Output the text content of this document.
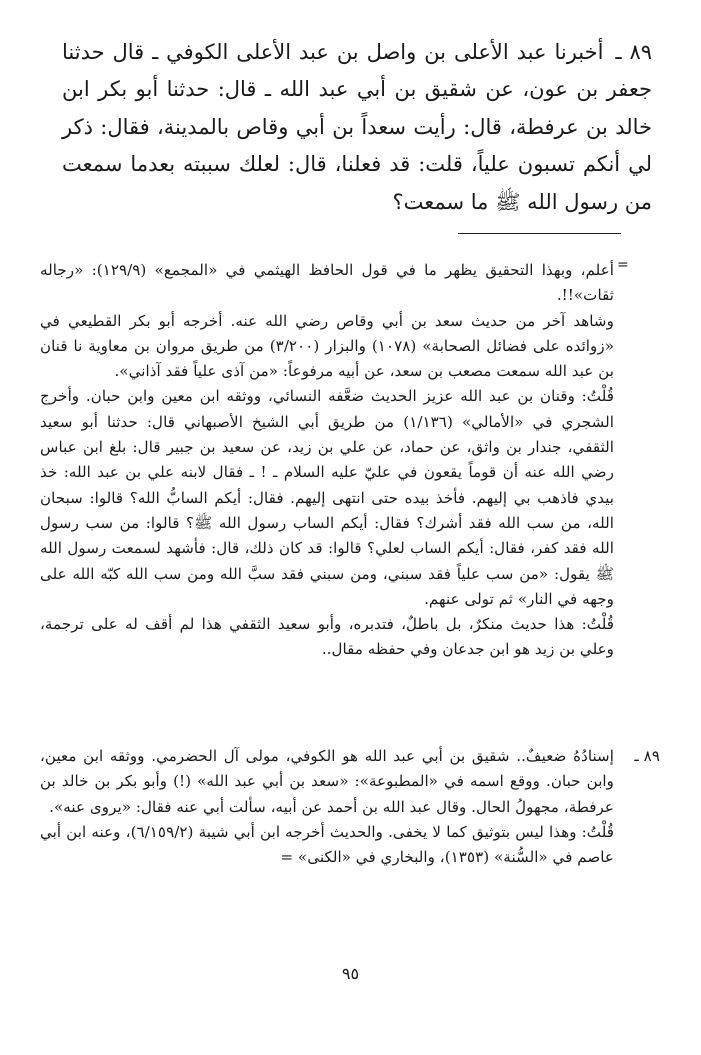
٨٩ ـ أخبرنا عبد الأعلى بن واصل بن عبد الأعلى الكوفي ـ قال حدثنا جعفر بن عون، عن شقيق بن أبي عبد الله ـ قال: حدثنا أبو بكر ابن خالد بن عرفطة، قال: رأيت سعداً بن أبي وقاص بالمدينة، فقال: ذكر لي أنكم تسبون علياً، قلت: قد فعلنا، قال: لعلك سببته بعدما سمعت من رسول الله ﷺ ما سمعت؟

=

أعلم، وبهذا التحقيق يظهر ما في قول الحافظ الهيثمي في «المجمع» (١٢٩/٩): «رجاله ثقات»!!.

وشاهد آخر من حديث سعد بن أبي وقاص رضي الله عنه. أخرجه أبو بكر القطيعي في «زوائده على فضائل الصحابة» (١٠٧٨) والبزار (٣/٢٠٠) من طريق مروان بن معاوية نا قنان بن عبد الله سمعت مصعب بن سعد، عن أبيه مرفوعاً: «من آذى علياً فقد آذاني».

قُلْتُ: وقنان بن عبد الله عزيز الحديث ضعَّفه النسائي، ووثقه ابن معين وابن حبان. وأخرج الشجري في «الأمالي» (١/١٣٦) من طريق أبي الشيخ الأصبهاني قال: حدثنا أبو سعيد الثقفي، جندار بن واثق، عن حماد، عن علي بن زيد، عن سعيد بن جبير قال: بلغ ابن عباس رضي الله عنه أن قوماً يقعون في عليّ عليه السلام ـ ! ـ فقال لابنه علي بن عبد الله: خذ بيدي فاذهب بي إليهم. فأخذ بيده حتى انتهى إليهم. فقال: أيكم السابُّ الله؟ قالوا: سبحان الله، من سب الله فقد أشرك؟ فقال: أيكم الساب رسول الله ﷺ؟ قالوا: من سب رسول الله فقد كفر، فقال: أيكم الساب لعلي؟ قالوا: قد كان ذلك، قال: فأشهد لسمعت رسول الله ﷺ يقول: «من سب علياً فقد سبني، ومن سبني فقد سبَّ الله ومن سب الله كبّه الله على وجهه في النار» ثم تولى عنهم.

قُلْتُ: هذا حديث منكرٌ، بل باطلٌ، فتدبره، وأبو سعيد الثقفي هذا لم أقف له على ترجمة، وعلي بن زيد هو ابن جدعان وفي حفظه مقال..

٨٩ ـ

إسنادُهُ ضعيفٌ.. شقيق بن أبي عبد الله هو الكوفي، مولى آل الحضرمي. ووثقه ابن معين، وابن حبان. ووقع اسمه في «المطبوعة»: «سعد بن أبي عبد الله» (!) وأبو بكر بن خالد بن عرفطة، مجهولُ الحال. وقال عبد الله بن أحمد عن أبيه، سألت أبي عنه فقال: «يروى عنه».

قُلْتُ: وهذا ليس بتوثيق كما لا يخفى. والحديث أخرجه ابن أبي شيبة (٦/١٥٩/٢)، وعنه ابن أبي عاصم في «السُّنة» (١٣٥٣)، والبخاري في «الكنى» =

٩٥
